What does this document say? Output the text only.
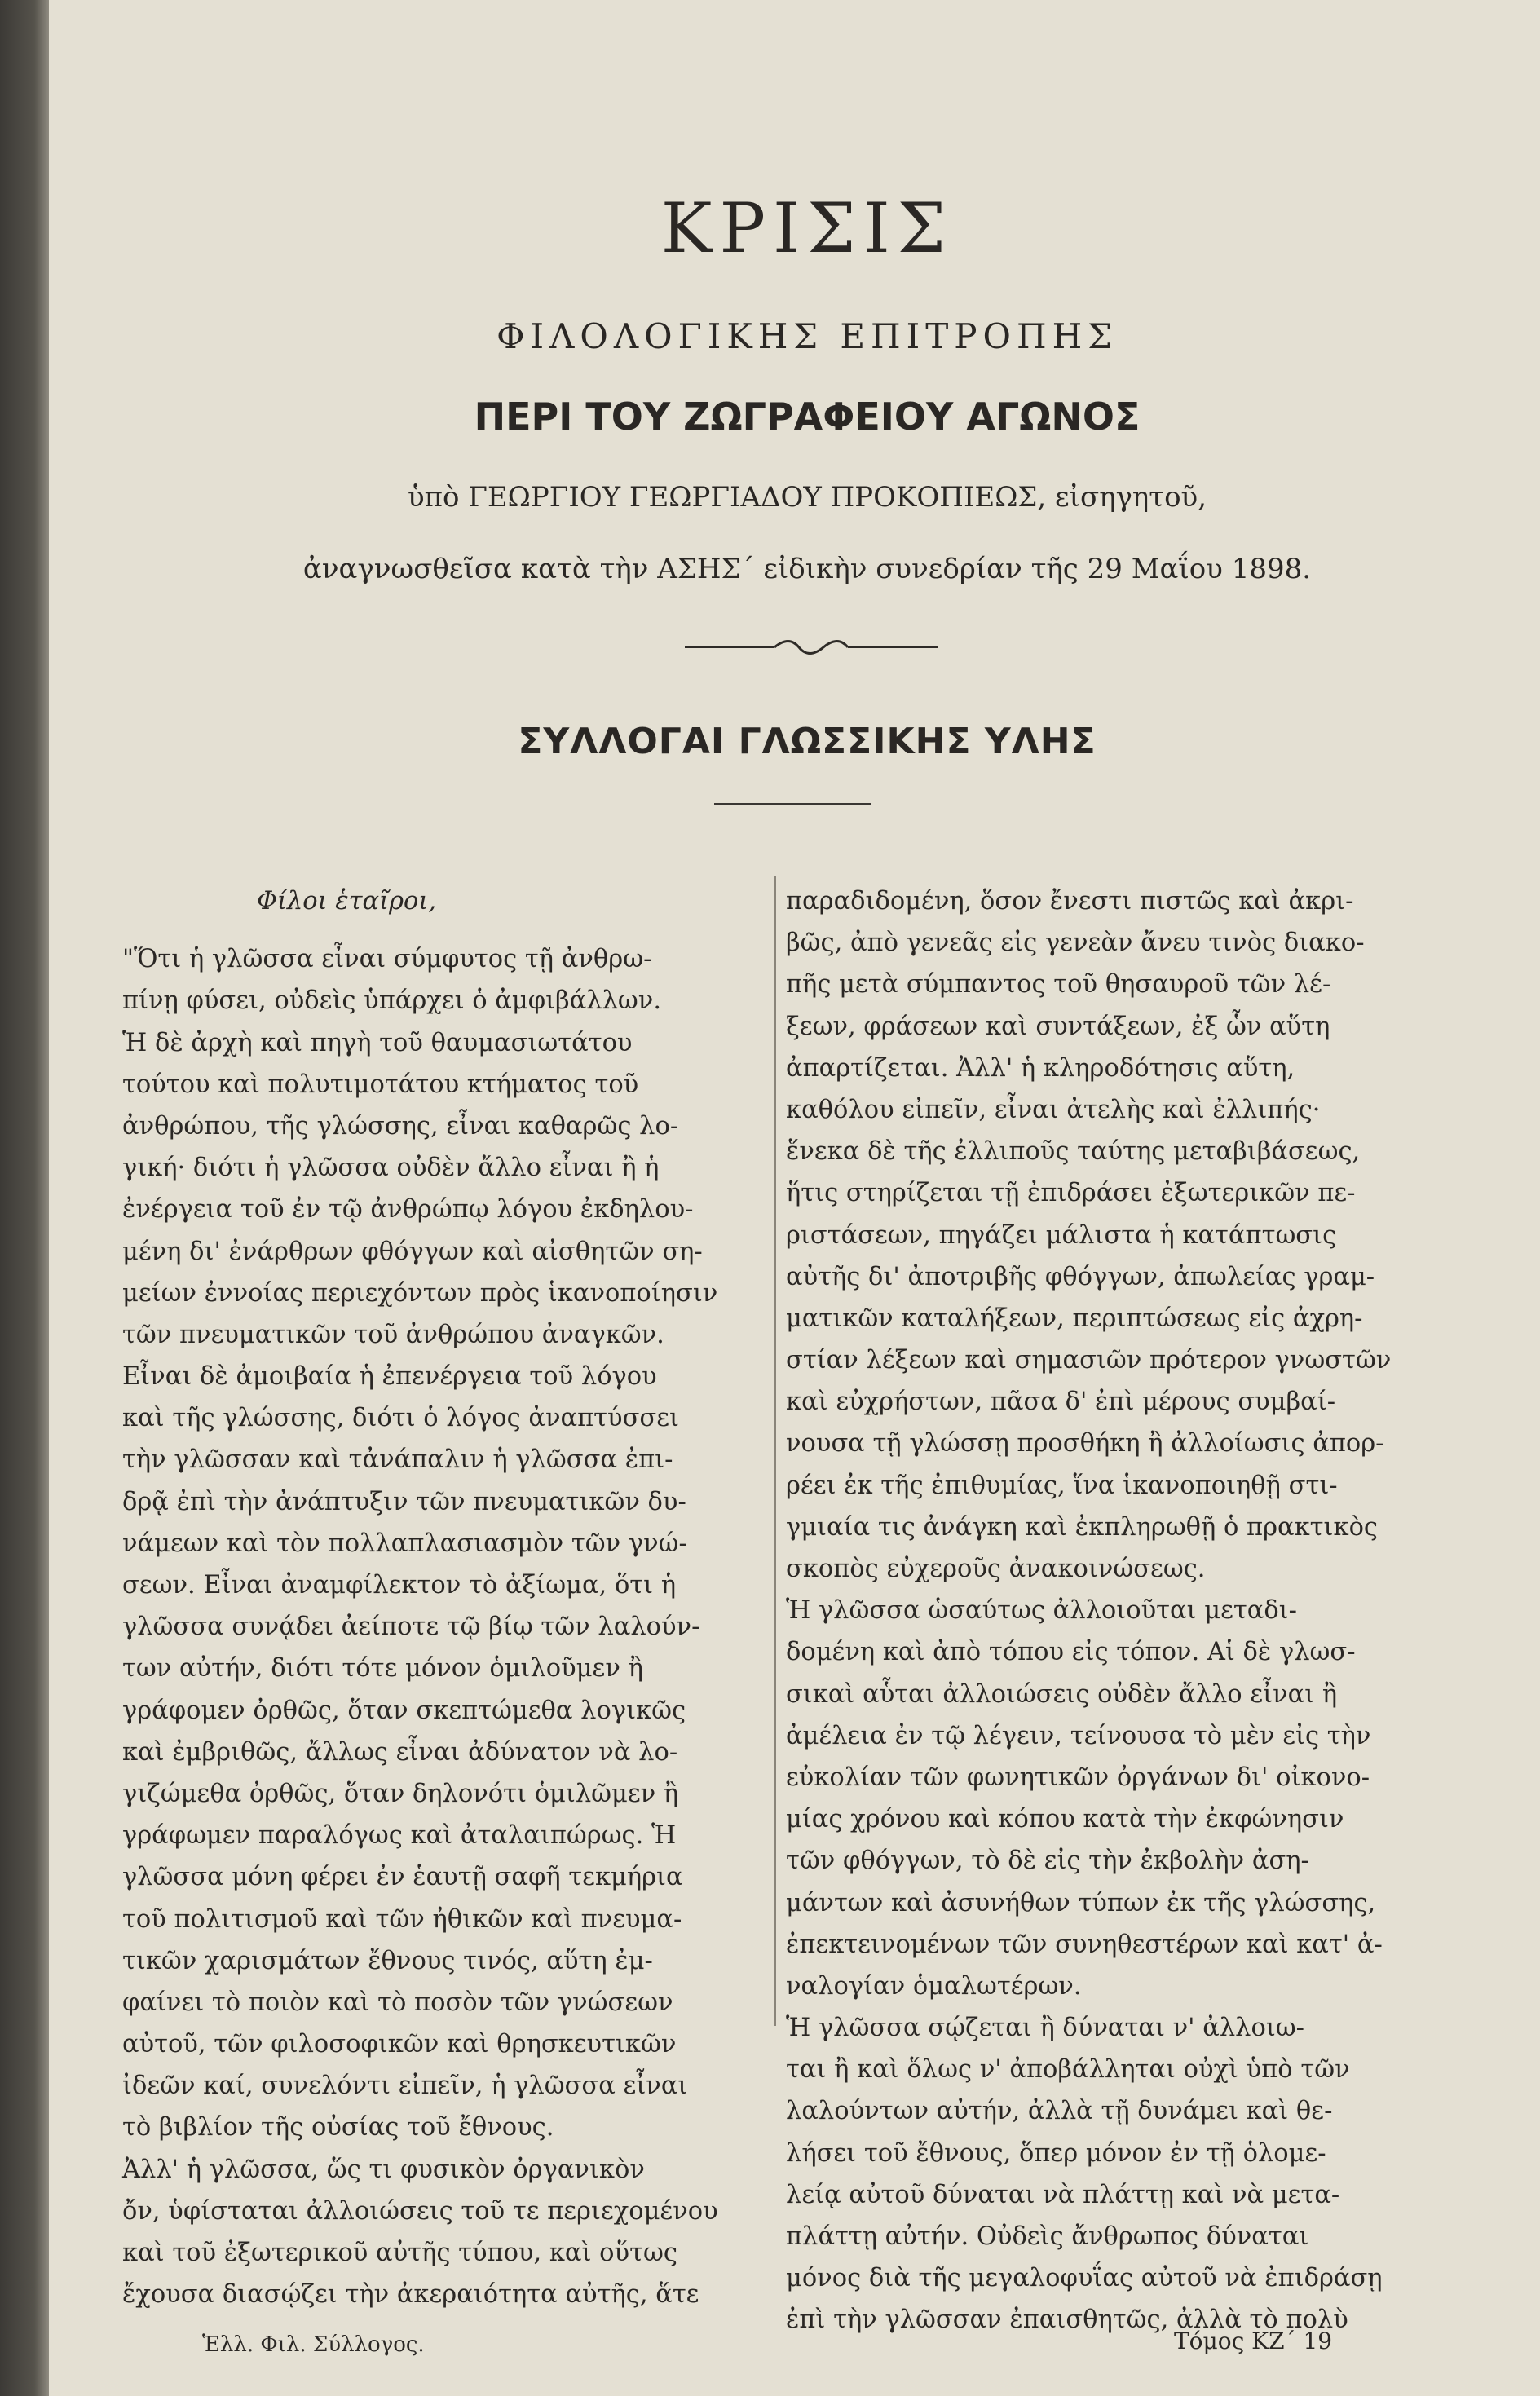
ΚΡΙΣΙΣ
ΦΙΛΟΛΟΓΙΚΗΣ ΕΠΙΤΡΟΠΗΣ
ΠΕΡΙ ΤΟΥ ΖΩΓΡΑΦΕΙΟΥ ΑΓΩΝΟΣ
ὑπὸ ΓΕΩΡΓΙΟΥ ΓΕΩΡΓΙΑΔΟΥ ΠΡΟΚΟΠΙΕΩΣ, εἰσηγητοῦ,
ἀναγνωσθεῖσα κατὰ τὴν ΑΣΗΣ΄ εἰδικὴν συνεδρίαν τῆς 29 Μαΐου 1898.
ΣΥΛΛΟΓΑΙ ΓΛΩΣΣΙΚΗΣ ΥΛΗΣ
Φίλοι ἑταῖροι,
"Ὅτι ἡ γλῶσσα εἶναι σύμφυτος τῇ ἀνθρω-
πίνῃ φύσει, οὐδεὶς ὑπάρχει ὁ ἀμφιβάλλων.
Ἡ δὲ ἀρχὴ καὶ πηγὴ τοῦ θαυμασιωτάτου
τούτου καὶ πολυτιμοτάτου κτήματος τοῦ
ἀνθρώπου, τῆς γλώσσης, εἶναι καθαρῶς λο-
γική· διότι ἡ γλῶσσα οὐδὲν ἄλλο εἶναι ἢ ἡ
ἐνέργεια τοῦ ἐν τῷ ἀνθρώπῳ λόγου ἐκδηλου-
μένη δι' ἐνάρθρων φθόγγων καὶ αἰσθητῶν ση-
μείων ἐννοίας περιεχόντων πρὸς ἱκανοποίησιν
τῶν πνευματικῶν τοῦ ἀνθρώπου ἀναγκῶν.
Εἶναι δὲ ἀμοιβαία ἡ ἐπενέργεια τοῦ λόγου
καὶ τῆς γλώσσης, διότι ὁ λόγος ἀναπτύσσει
τὴν γλῶσσαν καὶ τἀνάπαλιν ἡ γλῶσσα ἐπι-
δρᾷ ἐπὶ τὴν ἀνάπτυξιν τῶν πνευματικῶν δυ-
νάμεων καὶ τὸν πολλαπλασιασμὸν τῶν γνώ-
σεων. Εἶναι ἀναμφίλεκτον τὸ ἀξίωμα, ὅτι ἡ
γλῶσσα συνᾴδει ἀείποτε τῷ βίῳ τῶν λαλούν-
των αὐτήν, διότι τότε μόνον ὁμιλοῦμεν ἢ
γράφομεν ὀρθῶς, ὅταν σκεπτώμεθα λογικῶς
καὶ ἐμβριθῶς, ἄλλως εἶναι ἀδύνατον νὰ λο-
γιζώμεθα ὀρθῶς, ὅταν δηλονότι ὁμιλῶμεν ἢ
γράφωμεν παραλόγως καὶ ἀταλαιπώρως. Ἡ
γλῶσσα μόνη φέρει ἐν ἑαυτῇ σαφῆ τεκμήρια
τοῦ πολιτισμοῦ καὶ τῶν ἠθικῶν καὶ πνευμα-
τικῶν χαρισμάτων ἔθνους τινός, αὕτη ἐμ-
φαίνει τὸ ποιὸν καὶ τὸ ποσὸν τῶν γνώσεων
αὐτοῦ, τῶν φιλοσοφικῶν καὶ θρησκευτικῶν
ἰδεῶν καί, συνελόντι εἰπεῖν, ἡ γλῶσσα εἶναι
τὸ βιβλίον τῆς οὐσίας τοῦ ἔθνους.
Ἀλλ' ἡ γλῶσσα, ὥς τι φυσικὸν ὀργανικὸν
ὄν, ὑφίσταται ἀλλοιώσεις τοῦ τε περιεχομένου
καὶ τοῦ ἐξωτερικοῦ αὐτῆς τύπου, καὶ οὕτως
ἔχουσα διασῴζει τὴν ἀκεραιότητα αὐτῆς, ἅτε
παραδιδομένη, ὅσον ἔνεστι πιστῶς καὶ ἀκρι-
βῶς, ἀπὸ γενεᾶς εἰς γενεὰν ἄνευ τινὸς διακο-
πῆς μετὰ σύμπαντος τοῦ θησαυροῦ τῶν λέ-
ξεων, φράσεων καὶ συντάξεων, ἐξ ὧν αὕτη
ἀπαρτίζεται. Ἀλλ' ἡ κληροδότησις αὕτη,
καθόλου εἰπεῖν, εἶναι ἀτελὴς καὶ ἐλλιπής·
ἕνεκα δὲ τῆς ἐλλιποῦς ταύτης μεταβιβάσεως,
ἥτις στηρίζεται τῇ ἐπιδράσει ἐξωτερικῶν πε-
ριστάσεων, πηγάζει μάλιστα ἡ κατάπτωσις
αὐτῆς δι' ἀποτριβῆς φθόγγων, ἀπωλείας γραμ-
ματικῶν καταλήξεων, περιπτώσεως εἰς ἀχρη-
στίαν λέξεων καὶ σημασιῶν πρότερον γνωστῶν
καὶ εὐχρήστων, πᾶσα δ' ἐπὶ μέρους συμβαί-
νουσα τῇ γλώσσῃ προσθήκη ἢ ἀλλοίωσις ἀπορ-
ρέει ἐκ τῆς ἐπιθυμίας, ἵνα ἱκανοποιηθῇ στι-
γμιαία τις ἀνάγκη καὶ ἐκπληρωθῇ ὁ πρακτικὸς
σκοπὸς εὐχεροῦς ἀνακοινώσεως.
Ἡ γλῶσσα ὡσαύτως ἀλλοιοῦται μεταδι-
δομένη καὶ ἀπὸ τόπου εἰς τόπον. Αἱ δὲ γλωσ-
σικαὶ αὗται ἀλλοιώσεις οὐδὲν ἄλλο εἶναι ἢ
ἀμέλεια ἐν τῷ λέγειν, τείνουσα τὸ μὲν εἰς τὴν
εὐκολίαν τῶν φωνητικῶν ὀργάνων δι' οἰκονο-
μίας χρόνου καὶ κόπου κατὰ τὴν ἐκφώνησιν
τῶν φθόγγων, τὸ δὲ εἰς τὴν ἐκβολὴν ἀση-
μάντων καὶ ἀσυνήθων τύπων ἐκ τῆς γλώσσης,
ἐπεκτεινομένων τῶν συνηθεστέρων καὶ κατ' ἀ-
ναλογίαν ὁμαλωτέρων.
Ἡ γλῶσσα σῴζεται ἢ δύναται ν' ἀλλοιω-
ται ἢ καὶ ὅλως ν' ἀποβάλληται οὐχὶ ὑπὸ τῶν
λαλούντων αὐτήν, ἀλλὰ τῇ δυνάμει καὶ θε-
λήσει τοῦ ἔθνους, ὅπερ μόνον ἐν τῇ ὁλομε-
λείᾳ αὐτοῦ δύναται νὰ πλάττῃ καὶ νὰ μετα-
πλάττῃ αὐτήν. Οὐδεὶς ἄνθρωπος δύναται
μόνος διὰ τῆς μεγαλοφυΐας αὐτοῦ νὰ ἐπιδράσῃ
ἐπὶ τὴν γλῶσσαν ἐπαισθητῶς, ἀλλὰ τὸ πολὺ
Ἑλλ. Φιλ. Σύλλογος.	Τόμος ΚΖ΄ 19
